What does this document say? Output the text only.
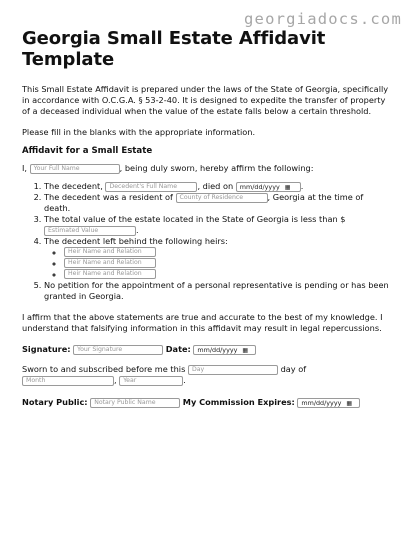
georgiadocs.com
Georgia Small Estate Affidavit Template

This Small Estate Affidavit is prepared under the laws of the State of Georgia, specifically in accordance with O.C.G.A. § 53-2-40. It is designed to expedite the transfer of property of a deceased individual when the value of the estate falls below a certain threshold.

Please fill in the blanks with the appropriate information.

Affidavit for a Small Estate
I, Your Full Name	, being duly sworn, hereby affirm the following:
1. The decedent, Decedent's Full Name , died on mm/dd/yyyy ▦ .
2. The decedent was a resident of County of Residence	, Georgia at the time of death.
3. The total value of the estate located in the State of Georgia is less than $
Estimated Value	.
4. The decedent left behind the following heirs:
◦ Heir Name and Relation
◦ Heir Name and Relation
◦ Heir Name and Relation
5. No petition for the appointment of a personal representative is pending or has been granted in Georgia.

I affirm that the above statements are true and accurate to the best of my knowledge. I understand that falsifying information in this affidavit may result in legal repercussions.

Signature: Your Signature	Date: mm/dd/yyyy ▦
Sworn to and subscribed before me this Day	day of
Month	, Year	.
Notary Public: Notary Public Name	My Commission Expires: mm/dd/yyyy ▦
